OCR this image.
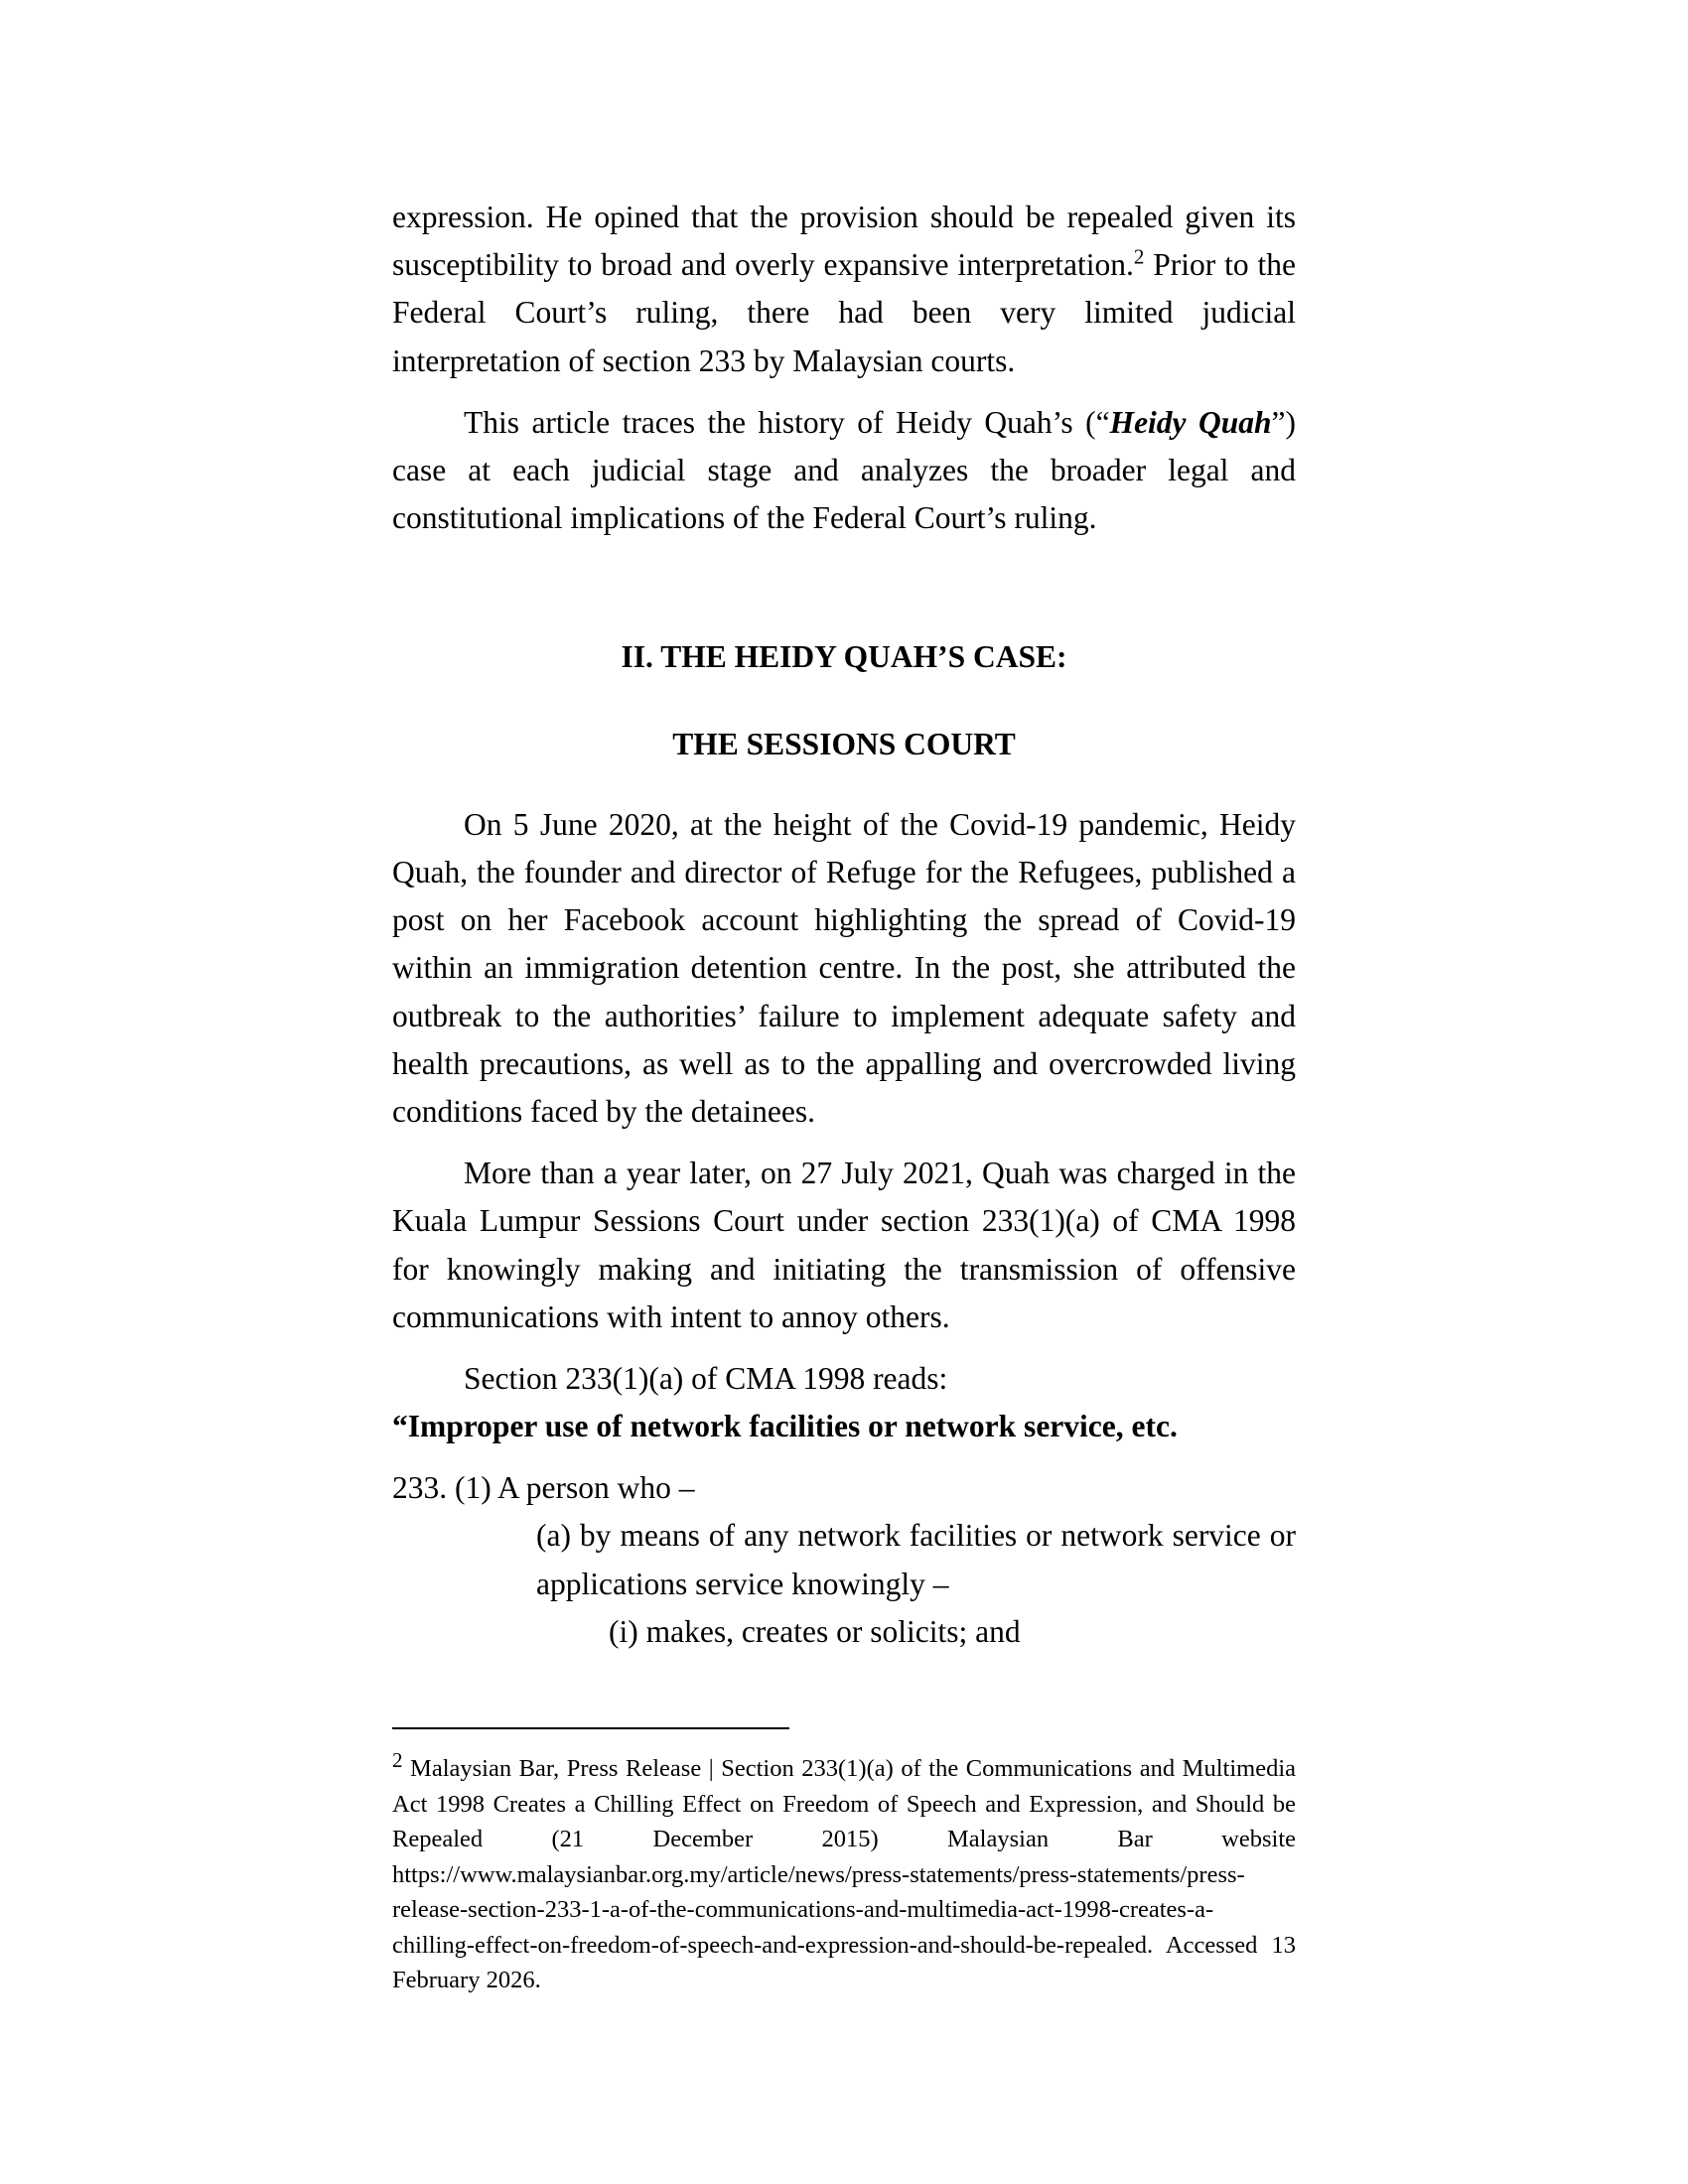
expression. He opined that the provision should be repealed given its susceptibility to broad and overly expansive interpretation.$^2$ Prior to the Federal Court’s ruling, there had been very limited judicial interpretation of section 233 by Malaysian courts.

This article traces the history of Heidy Quah’s (“Heidy Quah”) case at each judicial stage and analyzes the broader legal and constitutional implications of the Federal Court’s ruling.

II. THE HEIDY QUAH’S CASE:

THE SESSIONS COURT

On 5 June 2020, at the height of the Covid-19 pandemic, Heidy Quah, the founder and director of Refuge for the Refugees, published a post on her Facebook account highlighting the spread of Covid-19 within an immigration detention centre. In the post, she attributed the outbreak to the authorities’ failure to implement adequate safety and health precautions, as well as to the appalling and overcrowded living conditions faced by the detainees.

More than a year later, on 27 July 2021, Quah was charged in the Kuala Lumpur Sessions Court under section 233(1)(a) of CMA 1998 for knowingly making and initiating the transmission of offensive communications with intent to annoy others.

Section 233(1)(a) of CMA 1998 reads:

“Improper use of network facilities or network service, etc.

233. (1) A person who –

(a) by means of any network facilities or network service or applications service knowingly –

(i) makes, creates or solicits; and

$^2$ Malaysian Bar, Press Release | Section 233(1)(a) of the Communications and Multimedia Act 1998 Creates a Chilling Effect on Freedom of Speech and Expression, and Should be Repealed (21 December 2015) Malaysian Bar website https://www.malaysianbar.org.my/article/news/press-statements/press-statements/press-release-section-233-1-a-of-the-communications-and-multimedia-act-1998-creates-a-chilling-effect-on-freedom-of-speech-and-expression-and-should-be-repealed. Accessed 13 February 2026.
